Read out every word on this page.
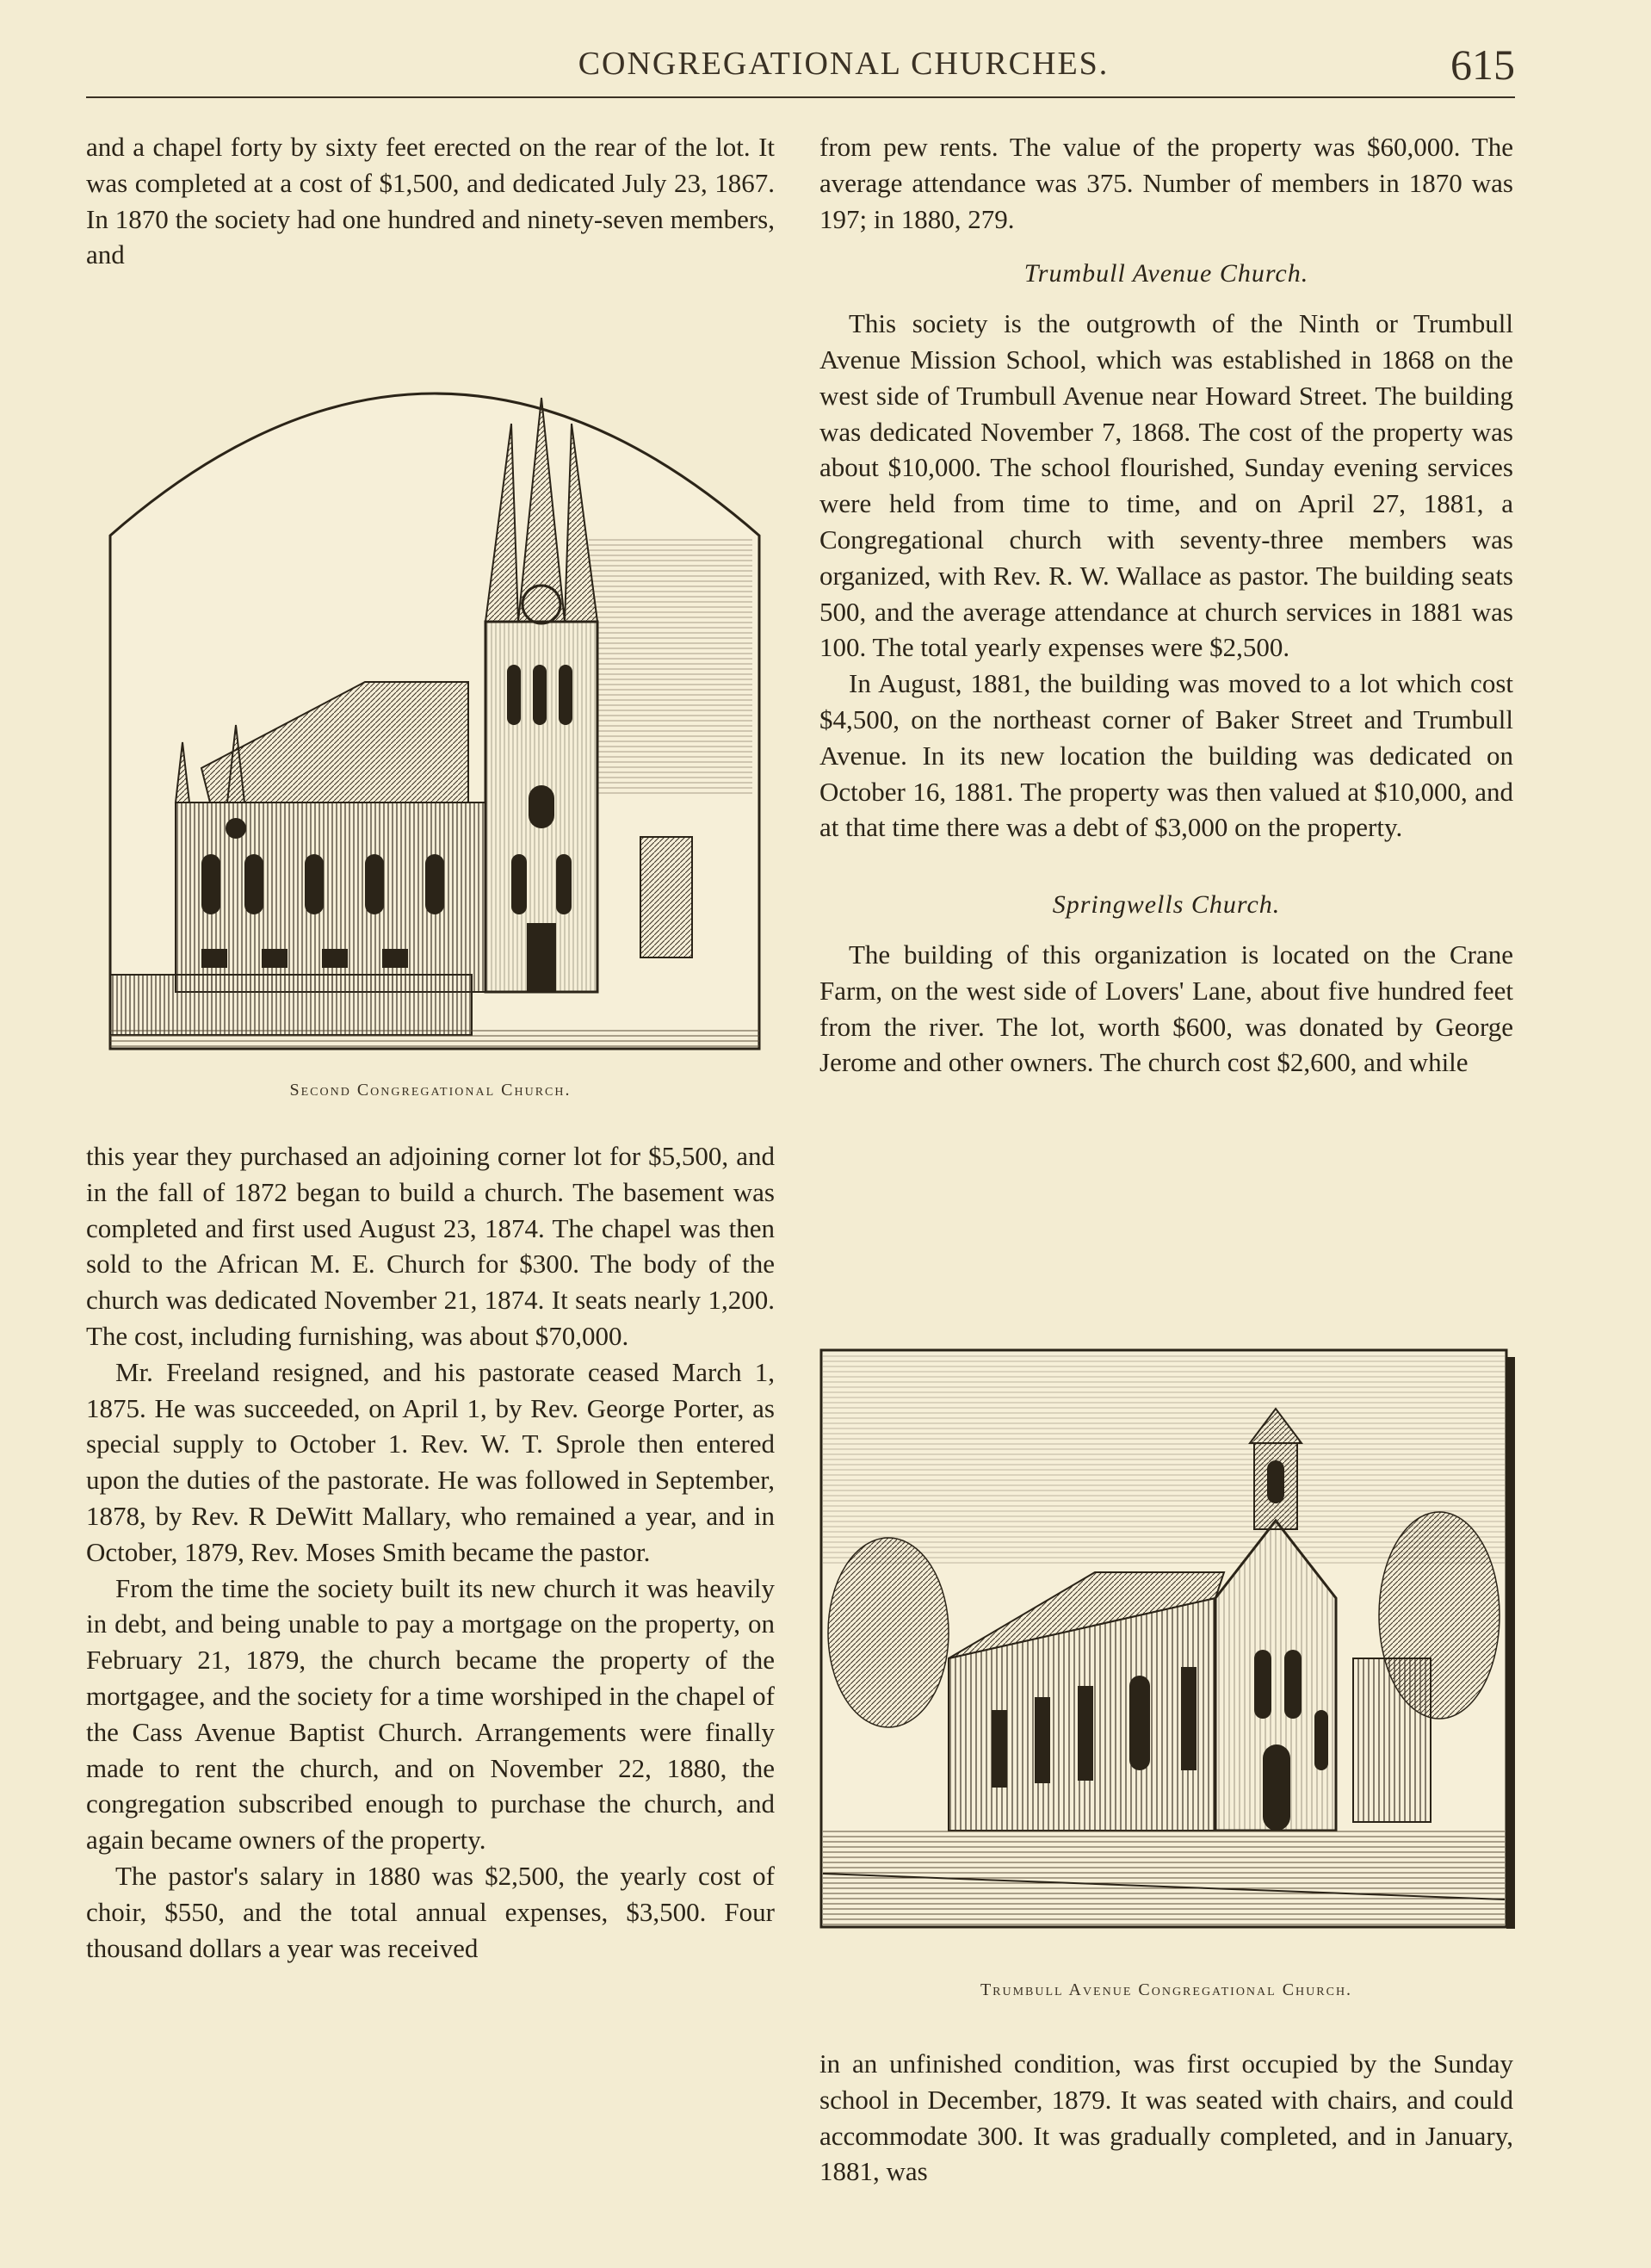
CONGREGATIONAL CHURCHES.	615

and a chapel forty by sixty feet erected on the rear of the lot. It was completed at a cost of $1,500, and dedicated July 23, 1867. In 1870 the society had one hundred and ninety-seven members, and

Second Congregational Church.

this year they purchased an adjoining corner lot for $5,500, and in the fall of 1872 began to build a church. The basement was completed and first used August 23, 1874. The chapel was then sold to the African M. E. Church for $300. The body of the church was dedicated November 21, 1874. It seats nearly 1,200. The cost, including furnishing, was about $70,000.

Mr. Freeland resigned, and his pastorate ceased March 1, 1875. He was succeeded, on April 1, by Rev. George Porter, as special supply to October 1. Rev. W. T. Sprole then entered upon the duties of the pastorate. He was followed in September, 1878, by Rev. R DeWitt Mallary, who remained a year, and in October, 1879, Rev. Moses Smith became the pastor.

From the time the society built its new church it was heavily in debt, and being unable to pay a mortgage on the property, on February 21, 1879, the church became the property of the mortgagee, and the society for a time worshiped in the chapel of the Cass Avenue Baptist Church. Arrangements were finally made to rent the church, and on November 22, 1880, the congregation subscribed enough to purchase the church, and again became owners of the property.

The pastor's salary in 1880 was $2,500, the yearly cost of choir, $550, and the total annual expenses, $3,500. Four thousand dollars a year was received

from pew rents. The value of the property was $60,000. The average attendance was 375. Number of members in 1870 was 197; in 1880, 279.

Trumbull Avenue Church.

This society is the outgrowth of the Ninth or Trumbull Avenue Mission School, which was established in 1868 on the west side of Trumbull Avenue near Howard Street. The building was dedicated November 7, 1868. The cost of the property was about $10,000. The school flourished, Sunday evening services were held from time to time, and on April 27, 1881, a Congregational church with seventy-three members was organized, with Rev. R. W. Wallace as pastor. The building seats 500, and the average attendance at church services in 1881 was 100. The total yearly expenses were $2,500.

In August, 1881, the building was moved to a lot which cost $4,500, on the northeast corner of Baker Street and Trumbull Avenue. In its new location the building was dedicated on October 16, 1881. The property was then valued at $10,000, and at that time there was a debt of $3,000 on the property.

Springwells Church.

The building of this organization is located on the Crane Farm, on the west side of Lovers' Lane, about five hundred feet from the river. The lot, worth $600, was donated by George Jerome and other owners. The church cost $2,600, and while

Trumbull Avenue Congregational Church.

in an unfinished condition, was first occupied by the Sunday school in December, 1879. It was seated with chairs, and could accommodate 300. It was gradually completed, and in January, 1881, was
